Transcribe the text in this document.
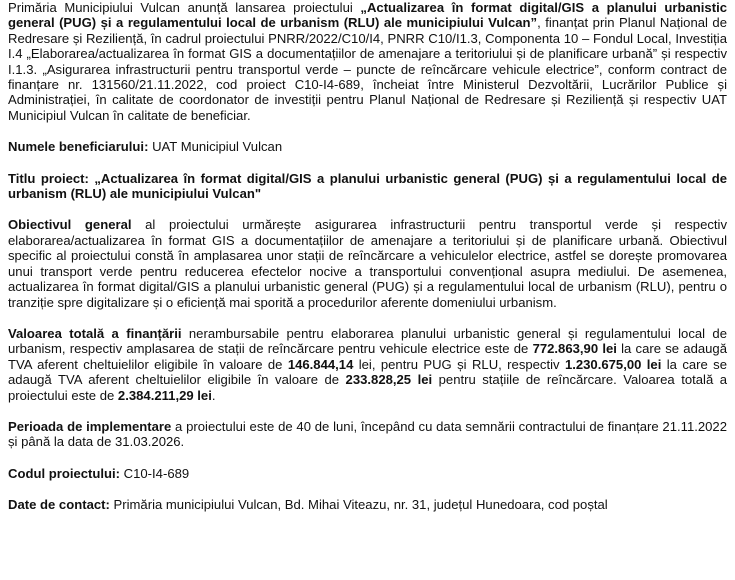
Primăria Municipiului Vulcan anunță lansarea proiectului „Actualizarea în format digital/GIS a planului urbanistic general (PUG) și a regulamentului local de urbanism (RLU) ale municipiului Vulcan”, finanțat prin Planul Național de Redresare și Reziliență, în cadrul proiectului PNRR/2022/C10/I4, PNRR C10/I1.3, Componenta 10 – Fondul Local, Investiția I.4 „Elaborarea/actualizarea în format GIS a documentațiilor de amenajare a teritoriului și de planificare urbană” și respectiv I.1.3. „Asigurarea infrastructurii pentru transportul verde – puncte de reîncărcare vehicule electrice”, conform contract de finanțare nr. 131560/21.11.2022, cod proiect C10-I4-689, încheiat între Ministerul Dezvoltării, Lucrărilor Publice și Administrației, în calitate de coordonator de investiții pentru Planul Național de Redresare și Reziliență și respectiv UAT Municipiul Vulcan în calitate de beneficiar.

Numele beneficiarului: UAT Municipiul Vulcan

Titlu proiect: „Actualizarea în format digital/GIS a planului urbanistic general (PUG) și a regulamentului local de urbanism (RLU) ale municipiului Vulcan"

Obiectivul general al proiectului urmărește asigurarea infrastructurii pentru transportul verde și respectiv elaborarea/actualizarea în format GIS a documentațiilor de amenajare a teritoriului și de planificare urbană. Obiectivul specific al proiectului constă în amplasarea unor stații de reîncărcare a vehiculelor electrice, astfel se dorește promovarea unui transport verde pentru reducerea efectelor nocive a transportului convențional asupra mediului. De asemenea, actualizarea în format digital/GIS a planului urbanistic general (PUG) și a regulamentului local de urbanism (RLU), pentru o tranziție spre digitalizare și o eficiență mai sporită a procedurilor aferente domeniului urbanism.

Valoarea totală a finanțării nerambursabile pentru elaborarea planului urbanistic general și regulamentului local de urbanism, respectiv amplasarea de stații de reîncărcare pentru vehicule electrice este de 772.863,90 lei la care se adaugă TVA aferent cheltuielilor eligibile în valoare de 146.844,14 lei, pentru PUG și RLU, respectiv 1.230.675,00 lei la care se adaugă TVA aferent cheltuielilor eligibile în valoare de 233.828,25 lei pentru stațiile de reîncărcare. Valoarea totală a proiectului este de 2.384.211,29 lei.

Perioada de implementare a proiectului este de 40 de luni, începând cu data semnării contractului de finanțare 21.11.2022 și până la data de 31.03.2026.

Codul proiectului: C10-I4-689

Date de contact: Primăria municipiului Vulcan, Bd. Mihai Viteazu, nr. 31, județul Hunedoara, cod poștal
